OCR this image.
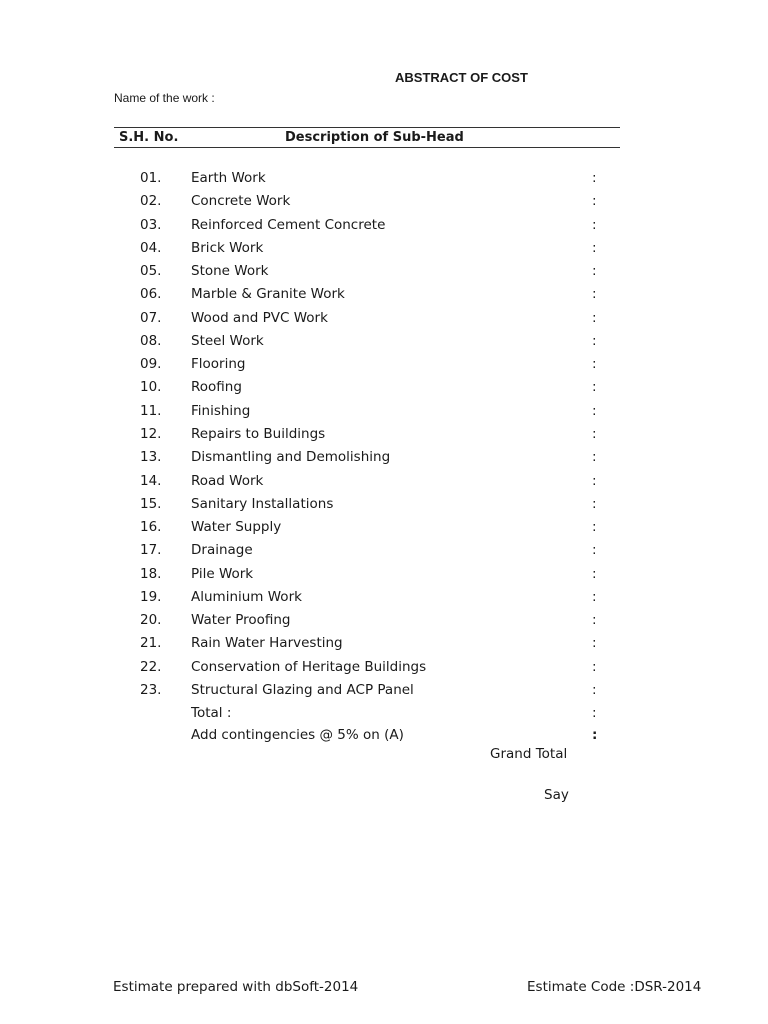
ABSTRACT OF COST
Name of the work :
S.H. No.	Description of Sub-Head
01. Earth Work	:
02. Concrete Work	:
03. Reinforced Cement Concrete	:
04. Brick Work	:
05. Stone Work	:
06. Marble & Granite Work	:
07. Wood and PVC Work	:
08. Steel Work	:
09. Flooring	:
10. Roofing	:
11. Finishing	:
12. Repairs to Buildings	:
13. Dismantling and Demolishing	:
14. Road Work	:
15. Sanitary Installations	:
16. Water Supply	:
17. Drainage	:
18. Pile Work	:
19. Aluminium Work	:
20. Water Proofing	:
21. Rain Water Harvesting	:
22. Conservation of Heritage Buildings	:
23. Structural Glazing and ACP Panel	:
Total :	:
Add contingencies @ 5% on (A)	:
Grand Total
Say
Estimate prepared with dbSoft-2014	Estimate Code :DSR-2014
